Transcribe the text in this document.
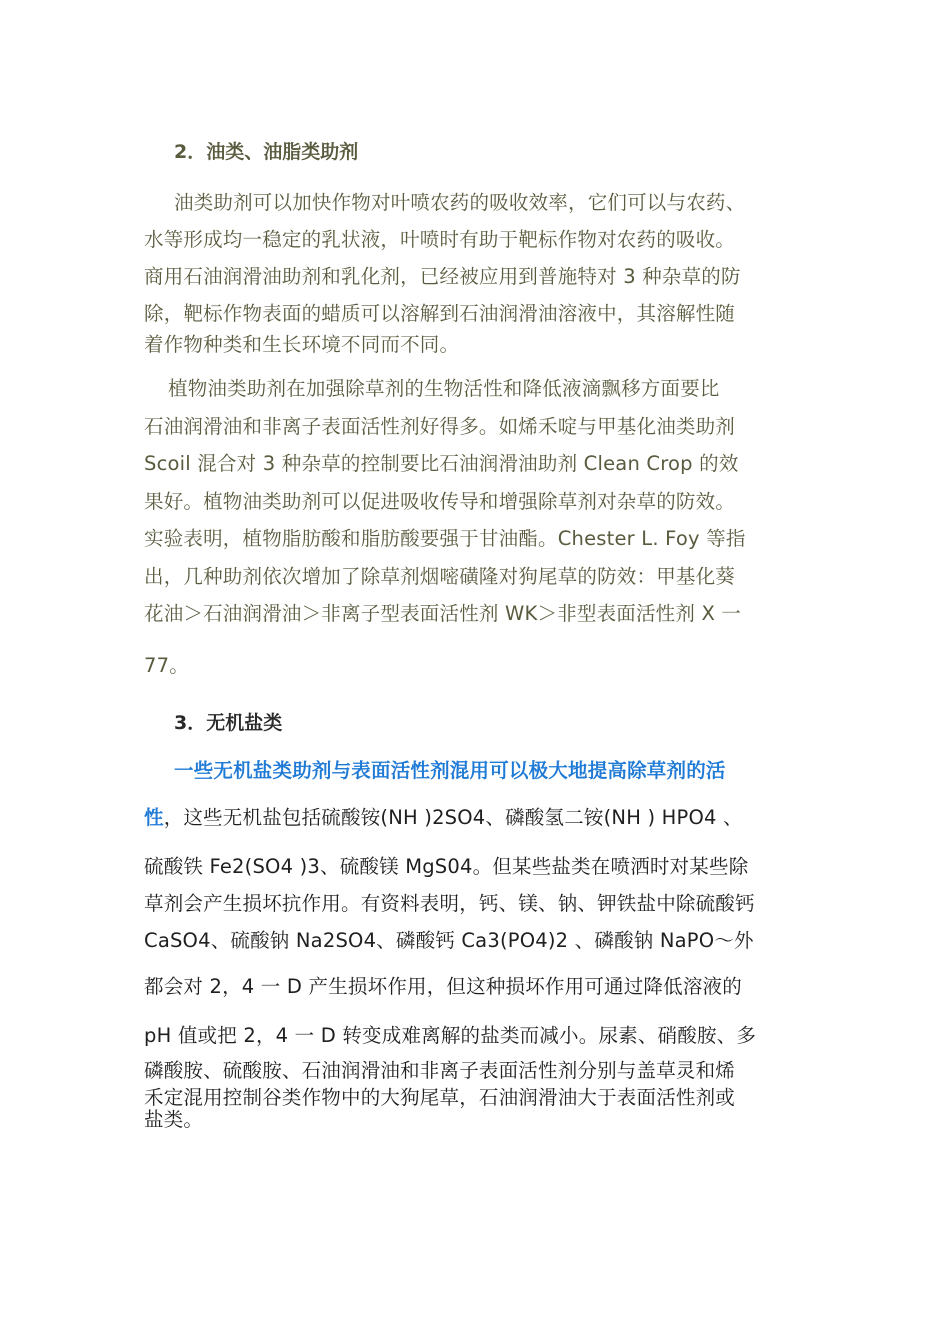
2．油类、油脂类助剂
油类助剂可以加快作物对叶喷农药的吸收效率，它们可以与农药、
水等形成均一稳定的乳状液，叶喷时有助于靶标作物对农药的吸收。
商用石油润滑油助剂和乳化剂，已经被应用到普施特对 3 种杂草的防
除，靶标作物表面的蜡质可以溶解到石油润滑油溶液中，其溶解性随
着作物种类和生长环境不同而不同。
植物油类助剂在加强除草剂的生物活性和降低液滴飘移方面要比
石油润滑油和非离子表面活性剂好得多。如烯禾啶与甲基化油类助剂
Scoil 混合对 3 种杂草的控制要比石油润滑油助剂 Clean Crop 的效
果好。植物油类助剂可以促进吸收传导和增强除草剂对杂草的防效。
实验表明，植物脂肪酸和脂肪酸要强于甘油酯。Chester L. Foy 等指
出，几种助剂依次增加了除草剂烟嘧磺隆对狗尾草的防效：甲基化葵
花油＞石油润滑油＞非离子型表面活性剂 WK＞非型表面活性剂 X 一
77。
3．无机盐类
一些无机盐类助剂与表面活性剂混用可以极大地提高除草剂的活
性，这些无机盐包括硫酸铵(NH )2SO4、磷酸氢二铵(NH ) HPO4 、
硫酸铁 Fe2(SO4 )3、硫酸镁 MgS04。但某些盐类在喷洒时对某些除
草剂会产生损坏抗作用。有资料表明，钙、镁、钠、钾铁盐中除硫酸钙
CaSO4、硫酸钠 Na2SO4、磷酸钙 Ca3(PO4)2 、磷酸钠 NaPO～外
都会对 2，4 一 D 产生损坏作用，但这种损坏作用可通过降低溶液的
pH 值或把 2，4 一 D 转变成难离解的盐类而减小。尿素、硝酸胺、多
磷酸胺、硫酸胺、石油润滑油和非离子表面活性剂分别与盖草灵和烯
禾定混用控制谷类作物中的大狗尾草，石油润滑油大于表面活性剂或
盐类。
